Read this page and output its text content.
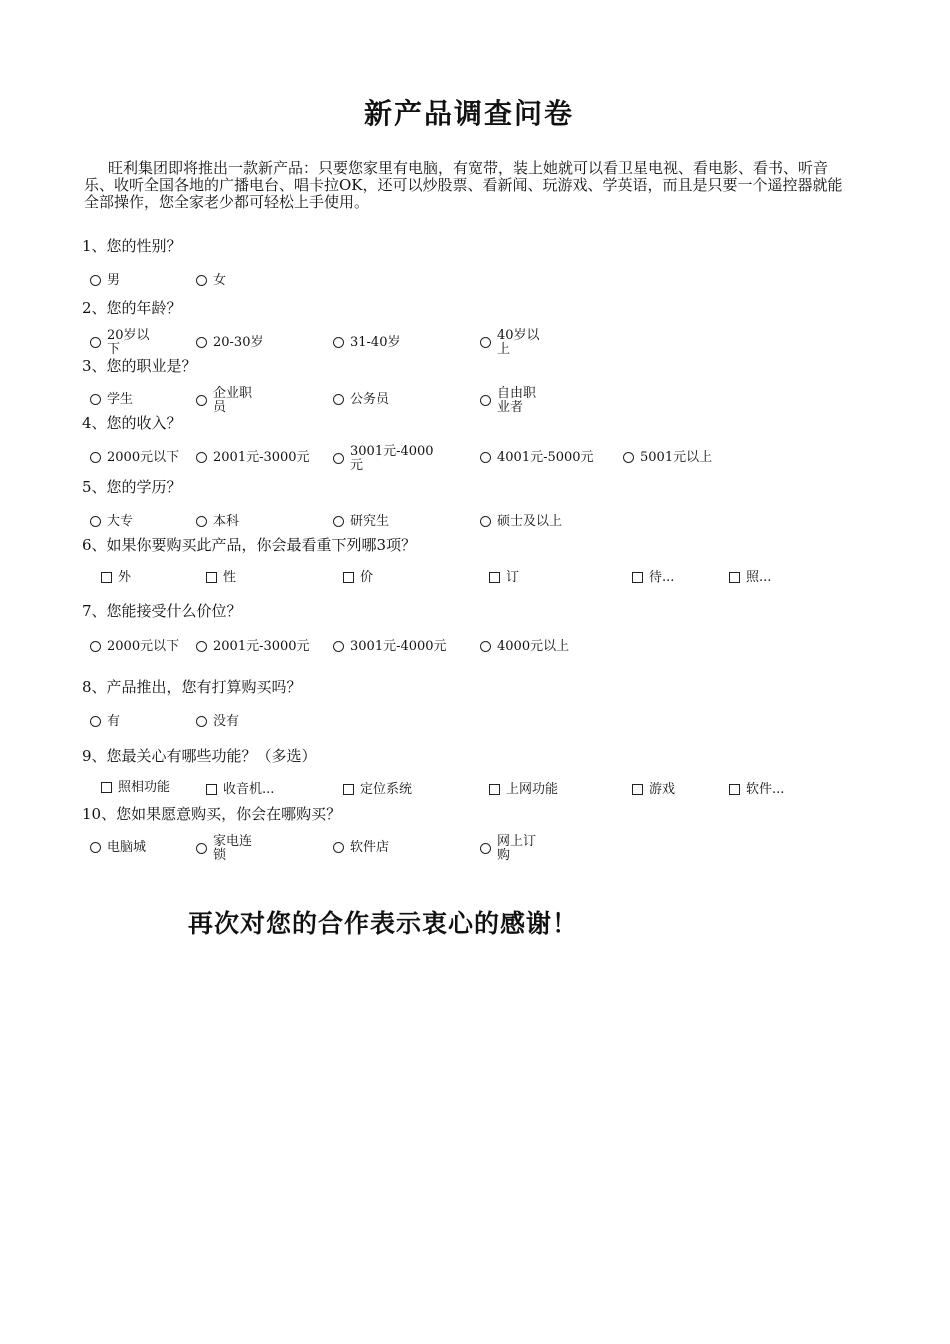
新产品调查问卷
旺利集团即将推出一款新产品：只要您家里有电脑，有宽带，装上她就可以看卫星电视、看电影、看书、听音乐、收听全国各地的广播电台、唱卡拉OK，还可以炒股票、看新闻、玩游戏、学英语，而且是只要一个遥控器就能全部操作，您全家老少都可轻松上手使用。
1、您的性别？
男	女
2、您的年龄？
20岁以下	20-30岁	31-40岁	40岁以上
3、您的职业是？
学生	企业职员
公务员	自由职业者
4、您的收入？
2000元以下	2001元-3000元	3001元-4000元
4001元-5000元	5001元以上
5、您的学历？
大专	本科	研究生	硕士及以上
6、如果你要购买此产品，你会最看重下列哪3项？
外	性	价	订	待...	照...
7、您能接受什么价位？
2000元以下	2001元-3000元	3001元-4000元	4000元以上
8、产品推出，您有打算购买吗？
有	没有
9、您最关心有哪些功能？（多选）
照相功能	收音机...	定位系统	上网功能	游戏	软件...
10、您如果愿意购买，你会在哪购买？
电脑城	家电连锁
软件店	网上订购
再次对您的合作表示衷心的感谢！
